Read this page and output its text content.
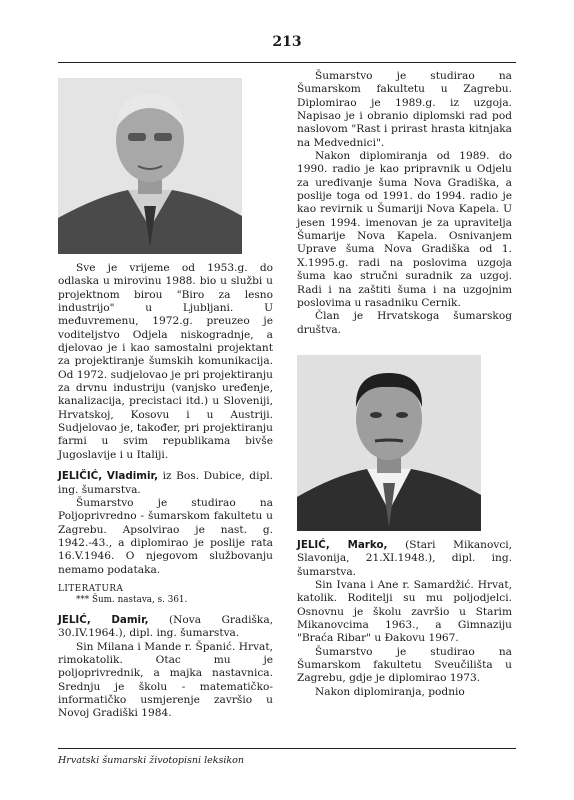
213

Sve je vrijeme od 1953.g. do odlaska u mirovinu 1988. bio u službi u projektnom birou "Biro za lesno industrijo" u Ljubljani. U međuvremenu, 1972.g. preuzeo je voditeljstvo Odjela niskogradnje, a djelovao je i kao samostalni projektant za projektiranje šumskih komunikacija. Od 1972. sudjelovao je pri projektiranju za drvnu industriju (vanjsko uređenje, kanalizacija, precistaci itd.) u Sloveniji, Hrvatskoj, Kosovu i u Austriji. Sudjelovao je, također, pri projektiranju farmi u svim republikama bivše Jugoslavije i u Italiji.

JELIČIĆ, Vladimir, iz Bos. Dubice, dipl. ing. šumarstva.

Šumarstvo je studirao na Poljoprivredno - šumarskom fakultetu u Zagrebu. Apsolvirao je nast. g. 1942.-43., a diplomirao je poslije rata 16.V.1946. O njegovom službovanju nemamo podataka.

LITERATURA
*** Šum. nastava, s. 361.

JELIĆ, Damir, (Nova Gradiška, 30.IV.1964.), dipl. ing. šumarstva.

Sin Milana i Mande r. Španić. Hrvat, rimokatolik. Otac mu je poljoprivrednik, a majka nastavnica. Srednju je školu - matematičko-informatičko usmjerenje završio u Novoj Gradiški 1984.

Šumarstvo je studirao na Šumarskom fakultetu u Zagrebu. Diplomirao je 1989.g. iz uzgoja. Napisao je i obranio diplomski rad pod naslovom "Rast i prirast hrasta kitnjaka na Medvednici".

Nakon diplomiranja od 1989. do 1990. radio je kao pripravnik u Odjelu za uređivanje šuma Nova Gradiška, a poslije toga od 1991. do 1994. radio je kao revirnik u Šumariji Nova Kapela. U jesen 1994. imenovan je za upravitelja Šumarije Nova Kapela. Osnivanjem Uprave šuma Nova Gradiška od 1. X.1995.g. radi na poslovima uzgoja šuma kao stručni suradnik za uzgoj. Radi i na zaštiti šuma i na uzgojnim poslovima u rasadniku Cernik.

Član je Hrvatskoga šumarskog društva.

JELIĆ, Marko, (Stari Mikanovci, Slavonija, 21.XI.1948.), dipl. ing. šumarstva.

Sin Ivana i Ane r. Samardžić. Hrvat, katolik. Roditelji su mu poljodjelci. Osnovnu je školu završio u Starim Mikanovcima 1963., a Gimnaziju "Braća Ribar" u Đakovu 1967.

Šumarstvo je studirao na Šumarskom fakultetu Sveučilišta u Zagrebu, gdje je diplomirao 1973.

Nakon diplomiranja, podnio

Hrvatski šumarski životopisni leksikon
